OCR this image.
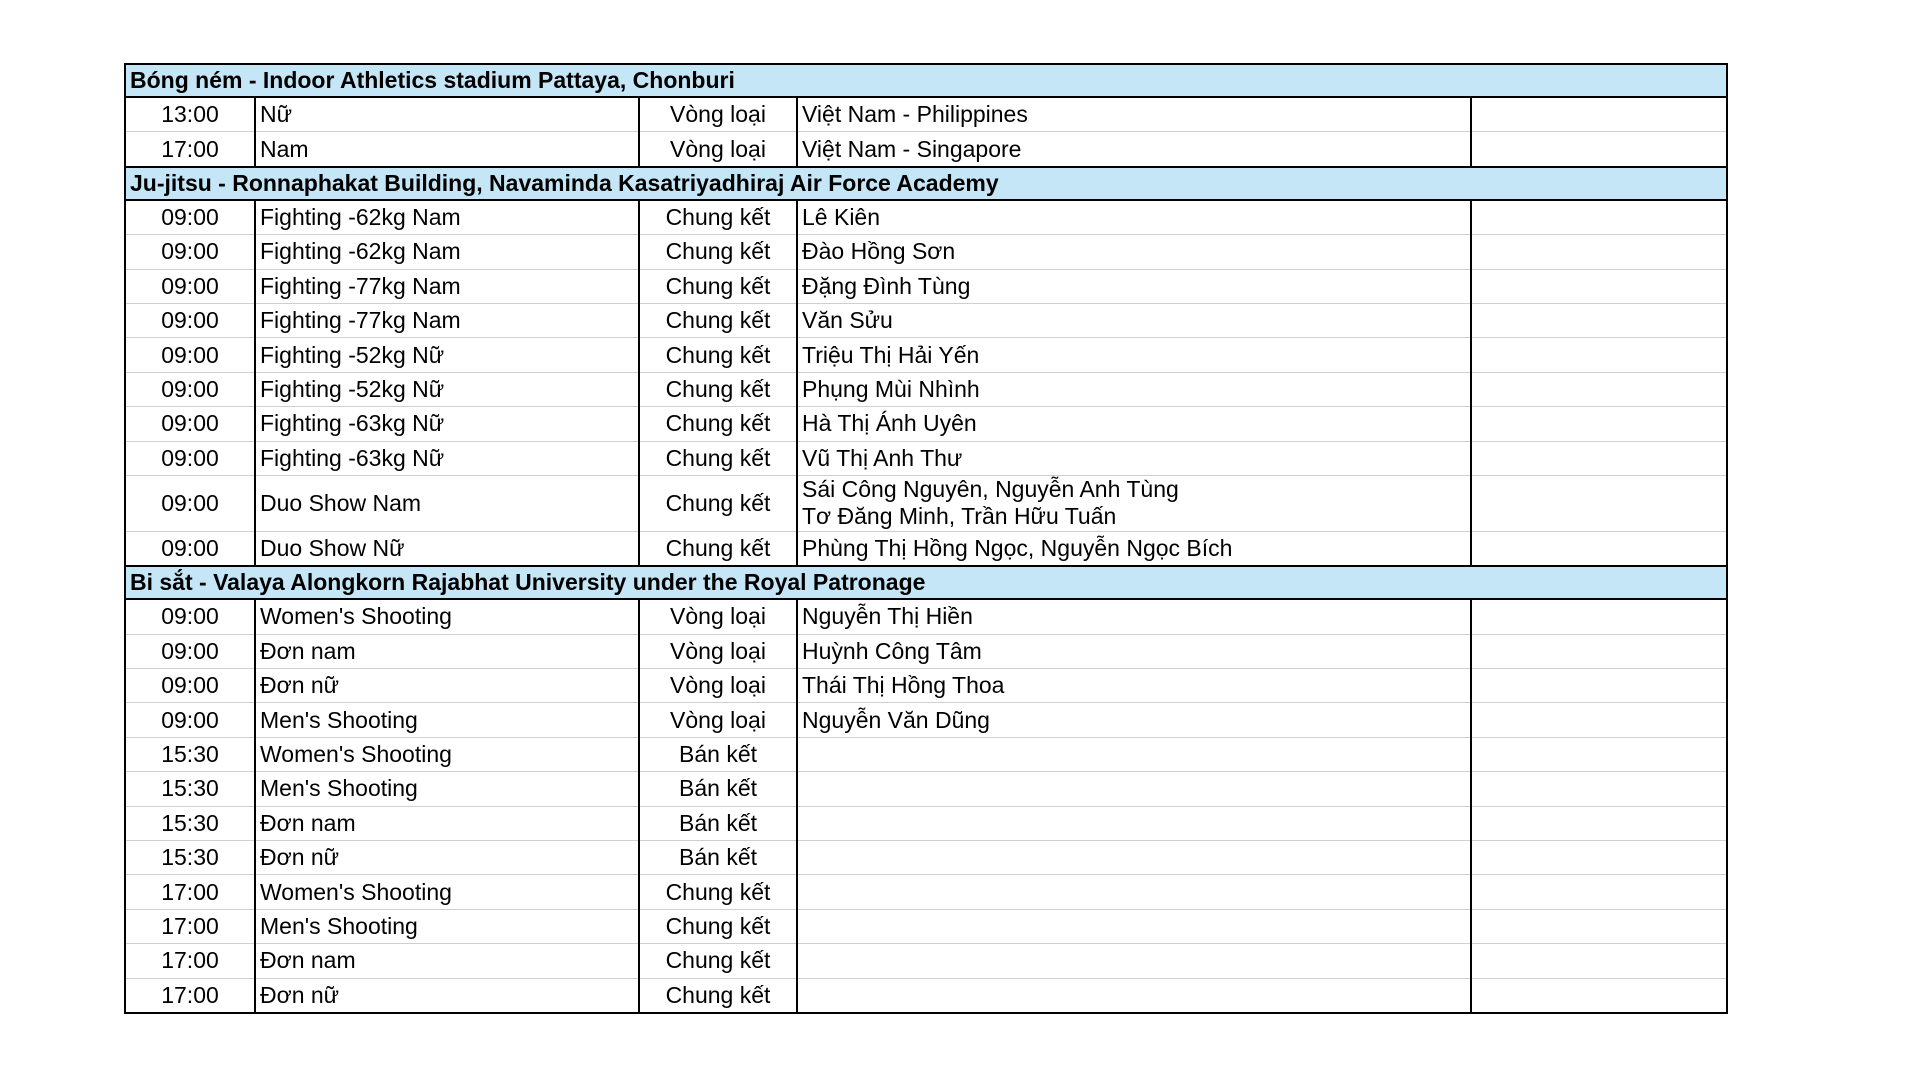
Bóng ném - Indoor Athletics stadium Pattaya, Chonburi				
13:00	Nữ	Vòng loại	Việt Nam - Philippines	

17:00	Nam	Vòng loại	Việt Nam - Singapore	

Ju-jitsu - Ronnaphakat Building, Navaminda Kasatriyadhiraj Air Force Academy				
09:00	Fighting -62kg Nam	Chung kết	Lê Kiên	

09:00	Fighting -62kg Nam	Chung kết	Đào Hồng Sơn	

09:00	Fighting -77kg Nam	Chung kết	Đặng Đình Tùng	

09:00	Fighting -77kg Nam	Chung kết	Văn Sửu	

09:00	Fighting -52kg Nữ	Chung kết	Triệu Thị Hải Yến	

09:00	Fighting -52kg Nữ	Chung kết	Phụng Mùi Nhình	

09:00	Fighting -63kg Nữ	Chung kết	Hà Thị Ánh Uyên	

09:00	Fighting -63kg Nữ	Chung kết	Vũ Thị Anh Thư	

09:00	Duo Show Nam	Chung kết	Sái Công Nguyên, Nguyễn Anh Tùng
Tơ Đăng Minh, Trần Hữu Tuấn	

09:00	Duo Show Nữ	Chung kết	Phùng Thị Hồng Ngọc, Nguyễn Ngọc Bích	

Bi sắt - Valaya Alongkorn Rajabhat University under the Royal Patronage				
09:00	Women's Shooting	Vòng loại	Nguyễn Thị Hiền	

09:00	Đơn nam	Vòng loại	Huỳnh Công Tâm	

09:00	Đơn nữ	Vòng loại	Thái Thị Hồng Thoa	

09:00	Men's Shooting	Vòng loại	Nguyễn Văn Dũng	

15:30	Women's Shooting	Bán kết		
15:30	Men's Shooting	Bán kết		
15:30	Đơn nam	Bán kết		
15:30	Đơn nữ	Bán kết		
17:00	Women's Shooting	Chung kết		
17:00	Men's Shooting	Chung kết		
17:00	Đơn nam	Chung kết		
17:00	Đơn nữ	Chung kết		
